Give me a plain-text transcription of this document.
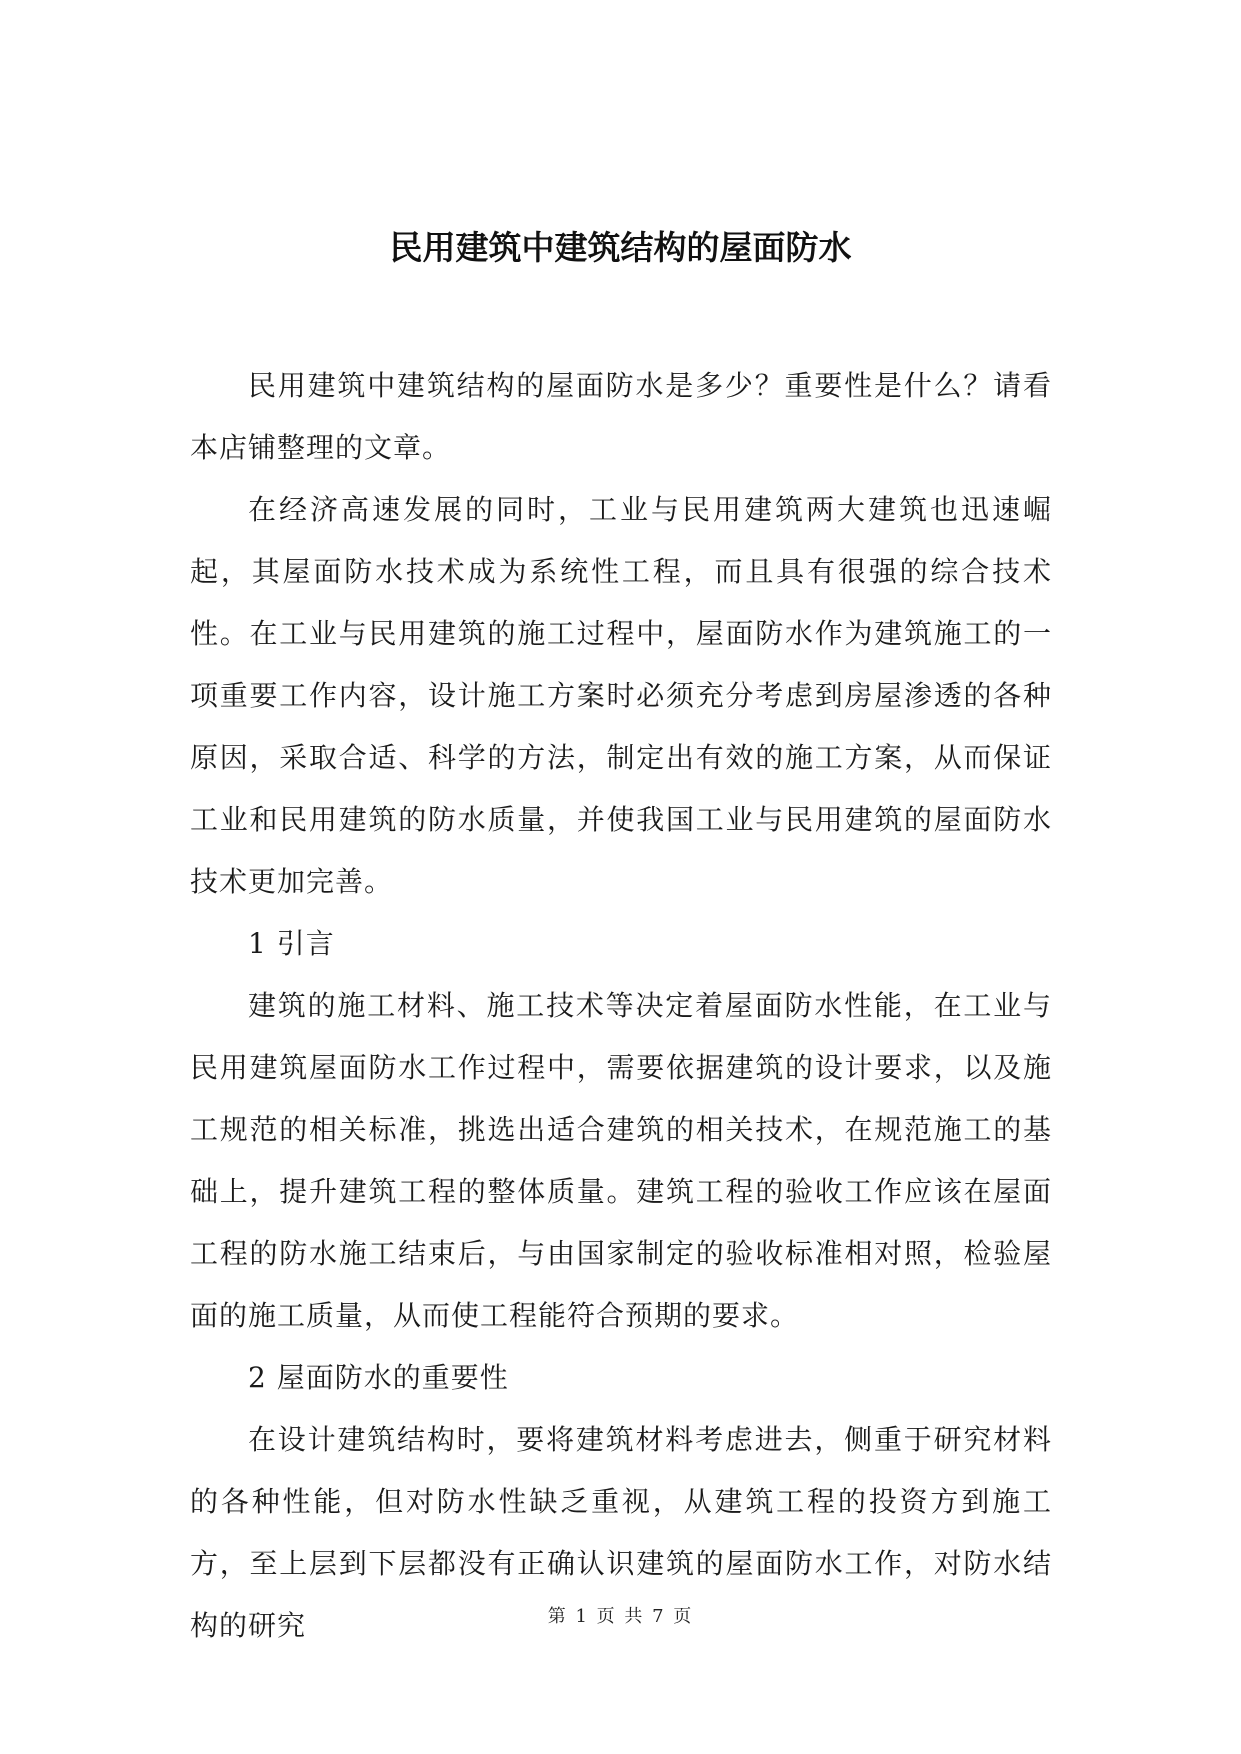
民用建筑中建筑结构的屋面防水

民用建筑中建筑结构的屋面防水是多少？重要性是什么？请看本店铺整理的文章。

在经济高速发展的同时，工业与民用建筑两大建筑也迅速崛起，其屋面防水技术成为系统性工程，而且具有很强的综合技术性。在工业与民用建筑的施工过程中，屋面防水作为建筑施工的一项重要工作内容，设计施工方案时必须充分考虑到房屋渗透的各种原因，采取合适、科学的方法，制定出有效的施工方案，从而保证工业和民用建筑的防水质量，并使我国工业与民用建筑的屋面防水技术更加完善。

1 引言

建筑的施工材料、施工技术等决定着屋面防水性能，在工业与民用建筑屋面防水工作过程中，需要依据建筑的设计要求，以及施工规范的相关标准，挑选出适合建筑的相关技术，在规范施工的基础上，提升建筑工程的整体质量。建筑工程的验收工作应该在屋面工程的防水施工结束后，与由国家制定的验收标准相对照，检验屋面的施工质量，从而使工程能符合预期的要求。

2 屋面防水的重要性

在设计建筑结构时，要将建筑材料考虑进去，侧重于研究材料的各种性能，但对防水性缺乏重视，从建筑工程的投资方到施工方，至上层到下层都没有正确认识建筑的屋面防水工作，对防水结构的研究	第 1 页 共 7 页
